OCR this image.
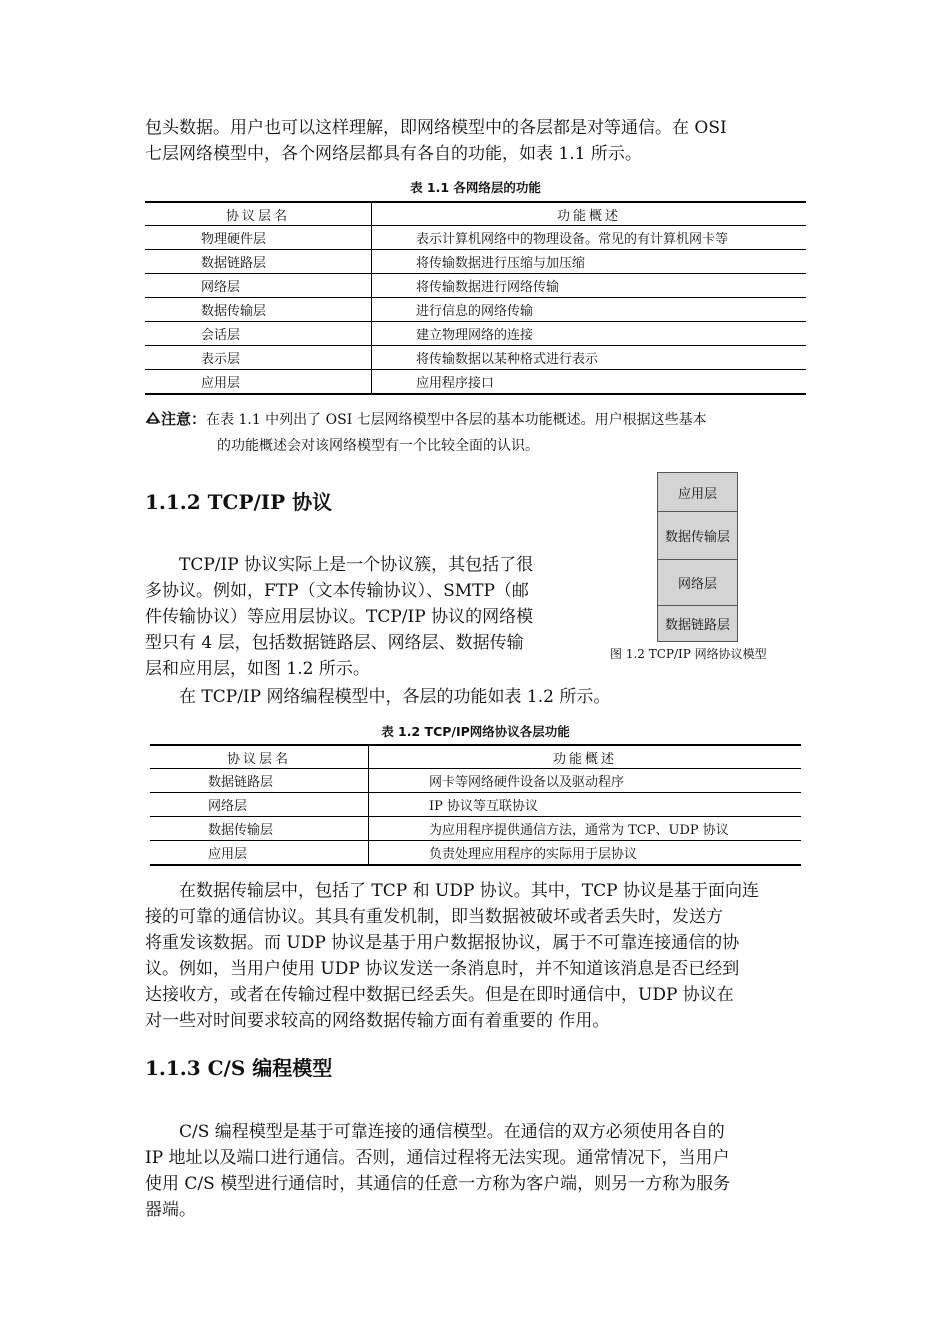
包头数据。用户也可以这样理解，即网络模型中的各层都是对等通信。在 OSI
七层网络模型中，各个网络层都具有各自的功能，如表 1.1 所示。

表 1.1 各网络层的功能

协议层名	功能概述
物理硬件层	表示计算机网络中的物理设备。常见的有计算机网卡等
数据链路层	将传输数据进行压缩与加压缩
网络层	将传输数据进行网络传输
数据传输层	进行信息的网络传输
会话层	建立物理网络的连接
表示层	将传输数据以某种格式进行表示
应用层	应用程序接口
注意：在表 1.1 中列出了 OSI 七层网络模型中各层的基本功能概述。用户根据这些基本
的功能概述会对该网络模型有一个比较全面的认识。
1.1.2 TCP/IP 协议	应用层
数据传输层
网络层
数据链路层
图 1.2 TCP/IP 网络协议模型
TCP/IP 协议实际上是一个协议簇，其包括了很
多协议。例如，FTP（文本传输协议）、SMTP（邮
件传输协议）等应用层协议。TCP/IP 协议的网络模
型只有 4 层，包括数据链路层、网络层、数据传输
层和应用层，如图 1.2 所示。

在 TCP/IP 网络编程模型中，各层的功能如表 1.2 所示。

表 1.2 TCP/IP网络协议各层功能

协议层名	功能概述
数据链路层	网卡等网络硬件设备以及驱动程序
网络层	IP 协议等互联协议
数据传输层	为应用程序提供通信方法，通常为 TCP、UDP 协议
应用层	负责处理应用程序的实际用于层协议

在数据传输层中，包括了 TCP 和 UDP 协议。其中，TCP 协议是基于面向连
接的可靠的通信协议。其具有重发机制，即当数据被破坏或者丢失时，发送方
将重发该数据。而 UDP 协议是基于用户数据报协议，属于不可靠连接通信的协
议。例如，当用户使用 UDP 协议发送一条消息时，并不知道该消息是否已经到
达接收方，或者在传输过程中数据已经丢失。但是在即时通信中，UDP 协议在
对一些对时间要求较高的网络数据传输方面有着重要的 作用。

1.1.3 C/S 编程模型

C/S 编程模型是基于可靠连接的通信模型。在通信的双方必须使用各自的
IP 地址以及端口进行通信。否则，通信过程将无法实现。通常情况下，当用户
使用 C/S 模型进行通信时，其通信的任意一方称为客户端，则另一方称为服务
器端。
